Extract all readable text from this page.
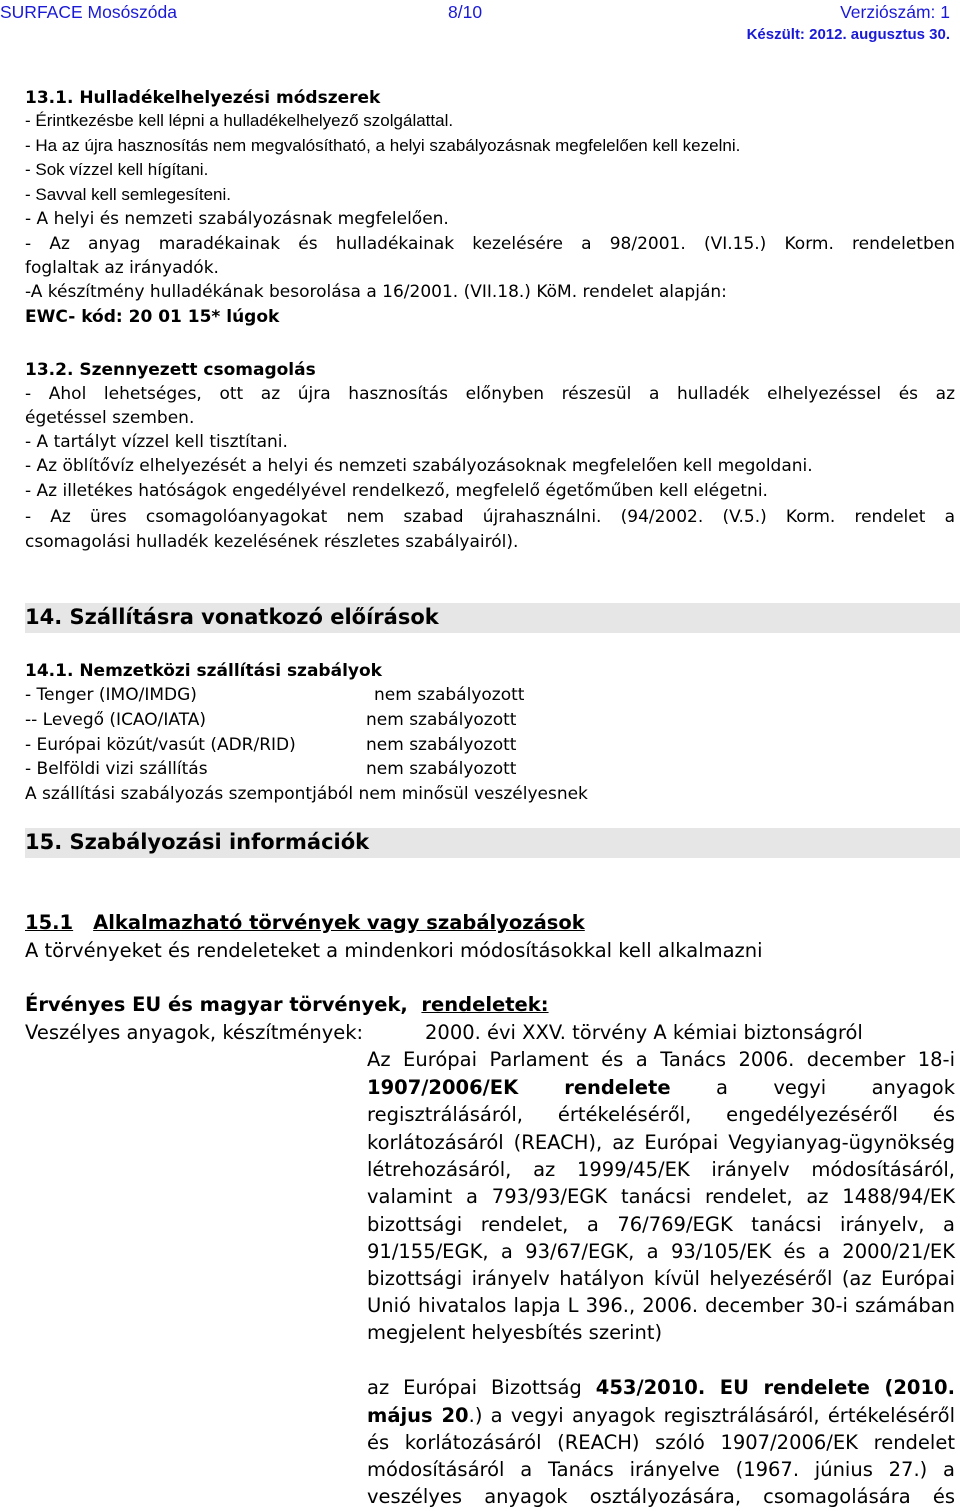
SURFACE Mosószóda	8/10	Verziószám: 1
Készült: 2012. augusztus 30.
13.1. Hulladékelhelyezési módszerek
- Érintkezésbe kell lépni a hulladékelhelyező szolgálattal.
- Ha az újra hasznosítás nem megvalósítható, a helyi szabályozásnak megfelelően kell kezelni.
- Sok vízzel kell hígítani.
- Savval kell semlegesíteni.
- A helyi és nemzeti szabályozásnak megfelelően.
- Az anyag maradékainak és hulladékainak kezelésére a 98/2001. (VI.15.) Korm. rendeletben
foglaltak az irányadók.
-A készítmény hulladékának besorolása a 16/2001. (VII.18.) KöM. rendelet alapján:
EWC- kód: 20 01 15* lúgok
13.2. Szennyezett csomagolás
- Ahol lehetséges, ott az újra hasznosítás előnyben részesül a hulladék elhelyezéssel és az
égetéssel szemben.
- A tartályt vízzel kell tisztítani.
- Az öblítővíz elhelyezését a helyi és nemzeti szabályozásoknak megfelelően kell megoldani.
- Az illetékes hatóságok engedélyével rendelkező, megfelelő égetőműben kell elégetni.
- Az üres csomagolóanyagokat nem szabad újrahasználni. (94/2002. (V.5.) Korm. rendelet a
csomagolási hulladék kezelésének részletes szabályairól).
14. Szállításra vonatkozó előírások
14.1. Nemzetközi szállítási szabályok
- Tenger (IMO/IMDG)	nem szabályozott
-- Levegő (ICAO/IATA)	nem szabályozott
- Európai közút/vasút (ADR/RID)	nem szabályozott
- Belföldi vizi szállítás	nem szabályozott
A szállítási szabályozás szempontjából nem minősül veszélyesnek
15. Szabályozási információk
15.1 Alkalmazható törvények vagy szabályozások
A törvényeket és rendeleteket a mindenkori módosításokkal kell alkalmazni
Érvényes EU és magyar törvények, rendeletek:
Veszélyes anyagok, készítmények:	2000. évi XXV. törvény A kémiai biztonságról
Az Európai Parlament és a Tanács 2006. december 18-i
1907/2006/EK rendelete a vegyi anyagok
regisztrálásáról, értékeléséről, engedélyezéséről és
korlátozásáról (REACH), az Európai Vegyianyag-ügynökség
létrehozásáról, az 1999/45/EK irányelv módosításáról,
valamint a 793/93/EGK tanácsi rendelet, az 1488/94/EK
bizottsági rendelet, a 76/769/EGK tanácsi irányelv, a
91/155/EGK, a 93/67/EGK, a 93/105/EK és a 2000/21/EK
bizottsági irányelv hatályon kívül helyezéséről (az Európai
Unió hivatalos lapja L 396., 2006. december 30-i számában
megjelent helyesbítés szerint)
az Európai Bizottság 453/2010. EU rendelete (2010.
május 20.) a vegyi anyagok regisztrálásáról, értékeléséről
és korlátozásáról (REACH) szóló 1907/2006/EK rendelet
módosításáról a Tanács irányelve (1967. június 27.) a
veszélyes anyagok osztályozására, csomagolására és
